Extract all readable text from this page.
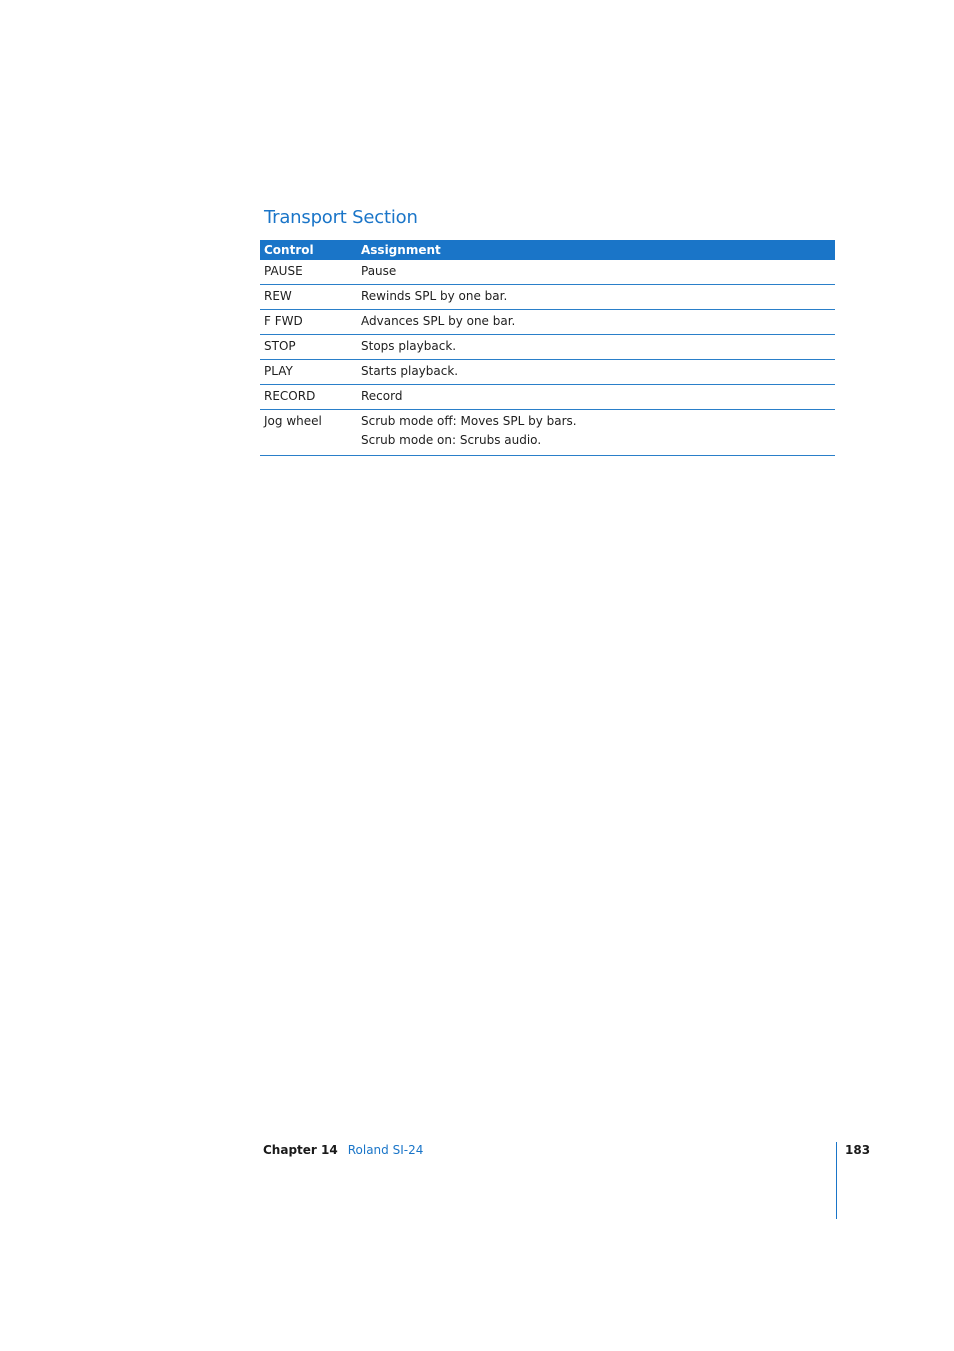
Transport Section
Control	Assignment
PAUSE	Pause

REW	Rewinds SPL by one bar.

F FWD	Advances SPL by one bar.

STOP	Stops playback.

PLAY	Starts playback.

RECORD	Record

Jog wheel	Scrub mode off: Moves SPL by bars.
Scrub mode on: Scrubs audio.
Chapter 14 Roland SI-24	183
